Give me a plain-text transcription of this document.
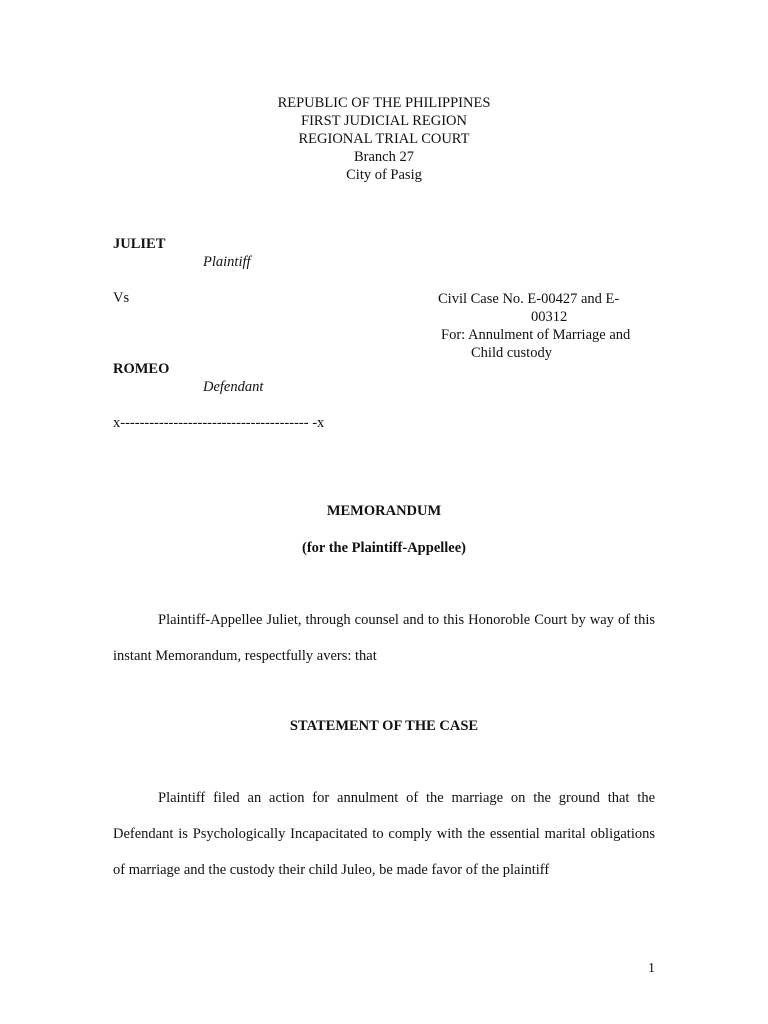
REPUBLIC OF THE PHILIPPINES
FIRST JUDICIAL REGION
REGIONAL TRIAL COURT
Branch 27
City of Pasig
JULIET
Plaintiff
Vs	Civil Case No. E-00427 and E-
00312
For: Annulment of Marriage and
Child custody
ROMEO
Defendant
x--------------------------------------- -x
MEMORANDUM
(for the Plaintiff-Appellee)

Plaintiff-Appellee Juliet, through counsel and to this Honoroble Court by way of this instant Memorandum, respectfully avers: that

STATEMENT OF THE CASE

Plaintiff filed an action for annulment of the marriage on the ground that the Defendant is Psychologically Incapacitated to comply with the essential marital obligations of marriage and the custody their child Juleo, be made favor of the plaintiff

1
